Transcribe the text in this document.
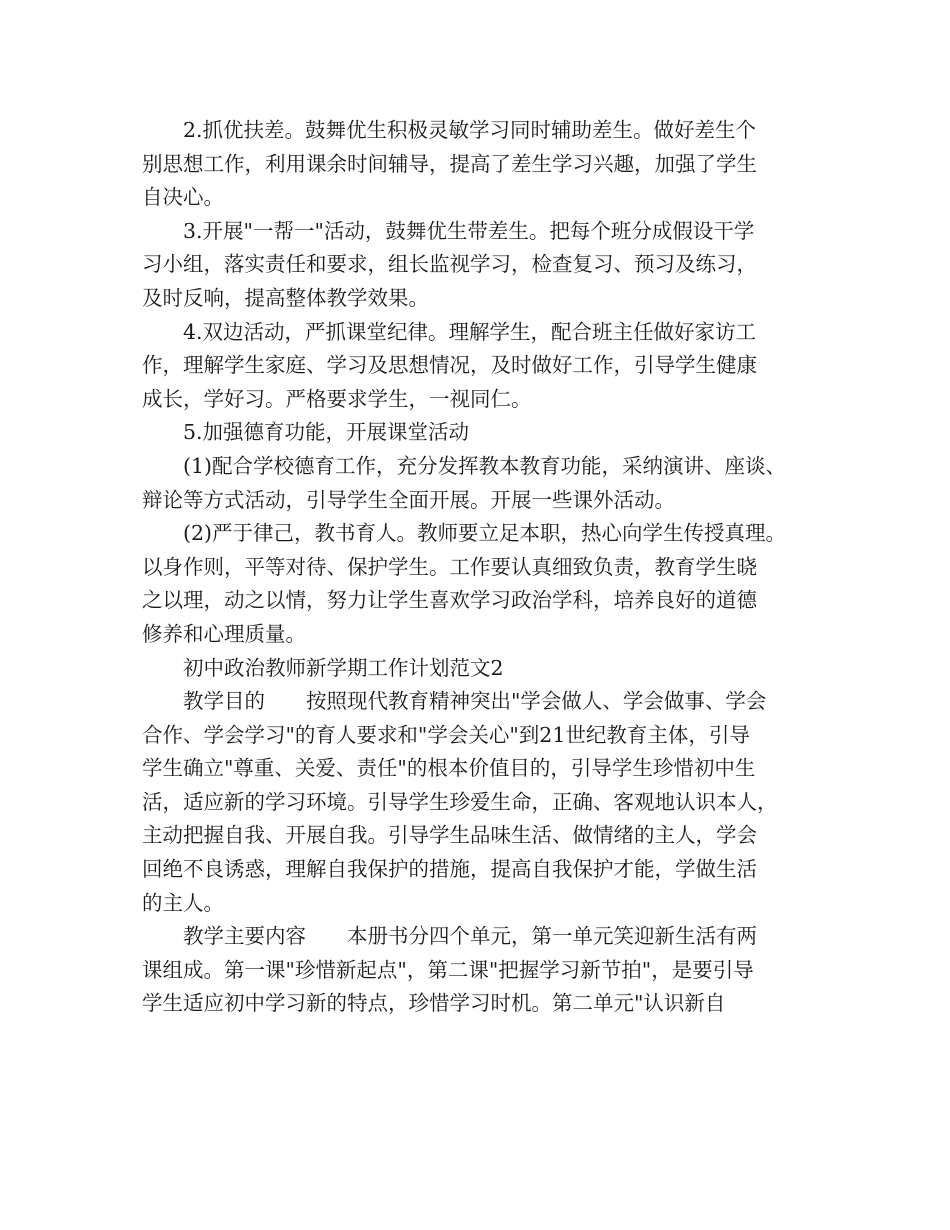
2.抓优扶差。鼓舞优生积极灵敏学习同时辅助差生。做好差生个
别思想工作，利用课余时间辅导，提高了差生学习兴趣，加强了学生
自决心。
3.开展"一帮一"活动，鼓舞优生带差生。把每个班分成假设干学
习小组，落实责任和要求，组长监视学习，检查复习、预习及练习，
及时反响，提高整体教学效果。
4.双边活动，严抓课堂纪律。理解学生，配合班主任做好家访工
作，理解学生家庭、学习及思想情况，及时做好工作，引导学生健康
成长，学好习。严格要求学生，一视同仁。
5.加强德育功能，开展课堂活动
(1)配合学校德育工作，充分发挥教本教育功能，采纳演讲、座谈、
辩论等方式活动，引导学生全面开展。开展一些课外活动。
(2)严于律己，教书育人。教师要立足本职，热心向学生传授真理。
以身作则，平等对待、保护学生。工作要认真细致负责，教育学生晓
之以理，动之以情，努力让学生喜欢学习政治学科，培养良好的道德
修养和心理质量。
初中政治教师新学期工作计划范文2
教学目的　　按照现代教育精神突出"学会做人、学会做事、学会
合作、学会学习"的育人要求和"学会关心"到21世纪教育主体，引导
学生确立"尊重、关爱、责任"的根本价值目的，引导学生珍惜初中生
活，适应新的学习环境。引导学生珍爱生命，正确、客观地认识本人，
主动把握自我、开展自我。引导学生品味生活、做情绪的主人，学会
回绝不良诱惑，理解自我保护的措施，提高自我保护才能，学做生活
的主人。
教学主要内容　　本册书分四个单元，第一单元笑迎新生活有两
课组成。第一课"珍惜新起点"，第二课"把握学习新节拍"，是要引导
学生适应初中学习新的特点，珍惜学习时机。第二单元"认识新自
